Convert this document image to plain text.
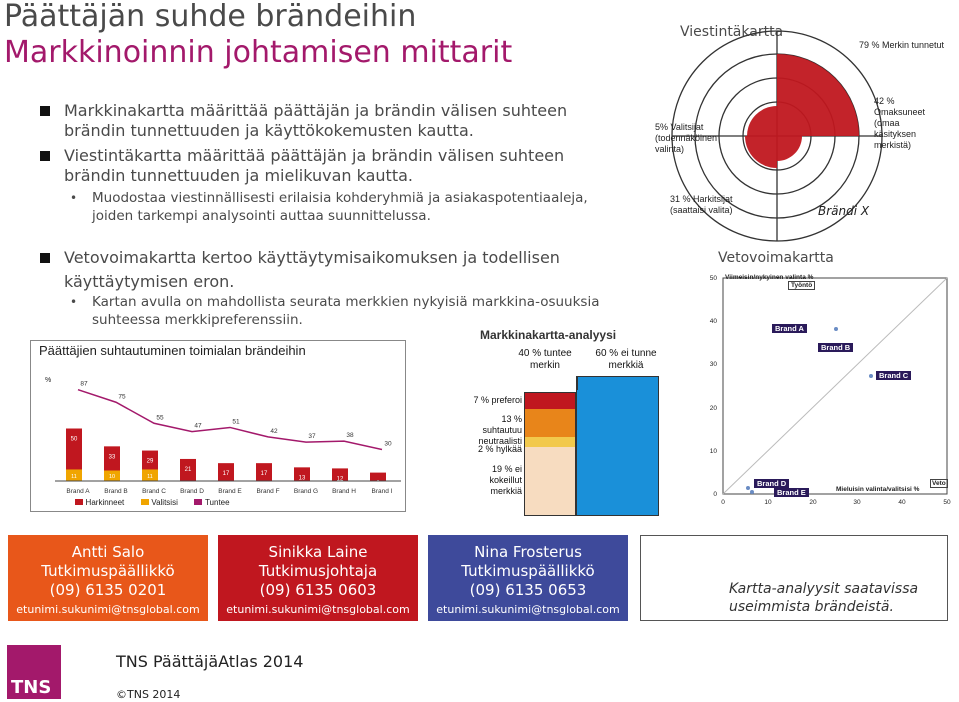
Päättäjän suhde brändeihin
Markkinoinnin johtamisen mittarit
Markkinakartta määrittää päättäjän ja brändin välisen suhteen brändin tunnettuuden ja käyttökokemusten kautta.
Viestintäkartta määrittää päättäjän ja brändin välisen suhteen brändin tunnettuuden ja mielikuvan kautta.
• Muodostaa viestinnällisesti erilaisia kohderyhmiä ja asiakaspotentiaaleja, joiden tarkempi analysointi auttaa suunnittelussa.
Vetovoimakartta kertoo käyttäytymisaikomuksen ja todellisen käyttäytymisen eron.
• Kartan avulla on mahdollista seurata merkkien nykyisiä markkina-osuuksia suhteessa merkkipreferenssiin.
Viestintäkartta
79 % Merkin tunnetut
42 % Omaksuneet (omaa käsityksen merkistä)
5% Valitsijat (todennäköinen valinta)
31 % Harkitsijat (saattaisi valita)	Brändi X
Vetovoimakartta
50
40
30
20
10
0
0	10	20	30	40	50
Viimeisin/nykyinen valinta %
Työntö
Mieluisin valinta/valitsisi %
Veto
Brand A
Brand B
Brand C
Brand D
Brand E
Markkinakartta-analyysi
40 % tuntee merkin
60 % ei tunne merkkiä
7 % preferoi
13 % suhtautuu neutraalisti
2 % hylkää
19 % ei kokeillut merkkiä
Päättäjien suhtautuminen toimialan brändeihin
%
50
11
87
Brand A
33
10
75
Brand B
29
11
55
Brand C
21
47
Brand D
17
51
Brand E
17
42
Brand F
13
37
Brand G
12
38
Brand H
8
30
Brand I
Harkinneet	Valitsisi	Tuntee
Antti Salo
Tutkimuspäällikkö
(09) 6135 0201
etunimi.sukunimi@tnsglobal.com
Sinikka Laine
Tutkimusjohtaja
(09) 6135 0603
etunimi.sukunimi@tnsglobal.com
Nina Frosterus
Tutkimuspäällikkö
(09) 6135 0653
etunimi.sukunimi@tnsglobal.com
Kartta-analyysit saatavissa useimmista brändeistä.
TNS
TNS PäättäjäAtlas 2014
©TNS 2014
